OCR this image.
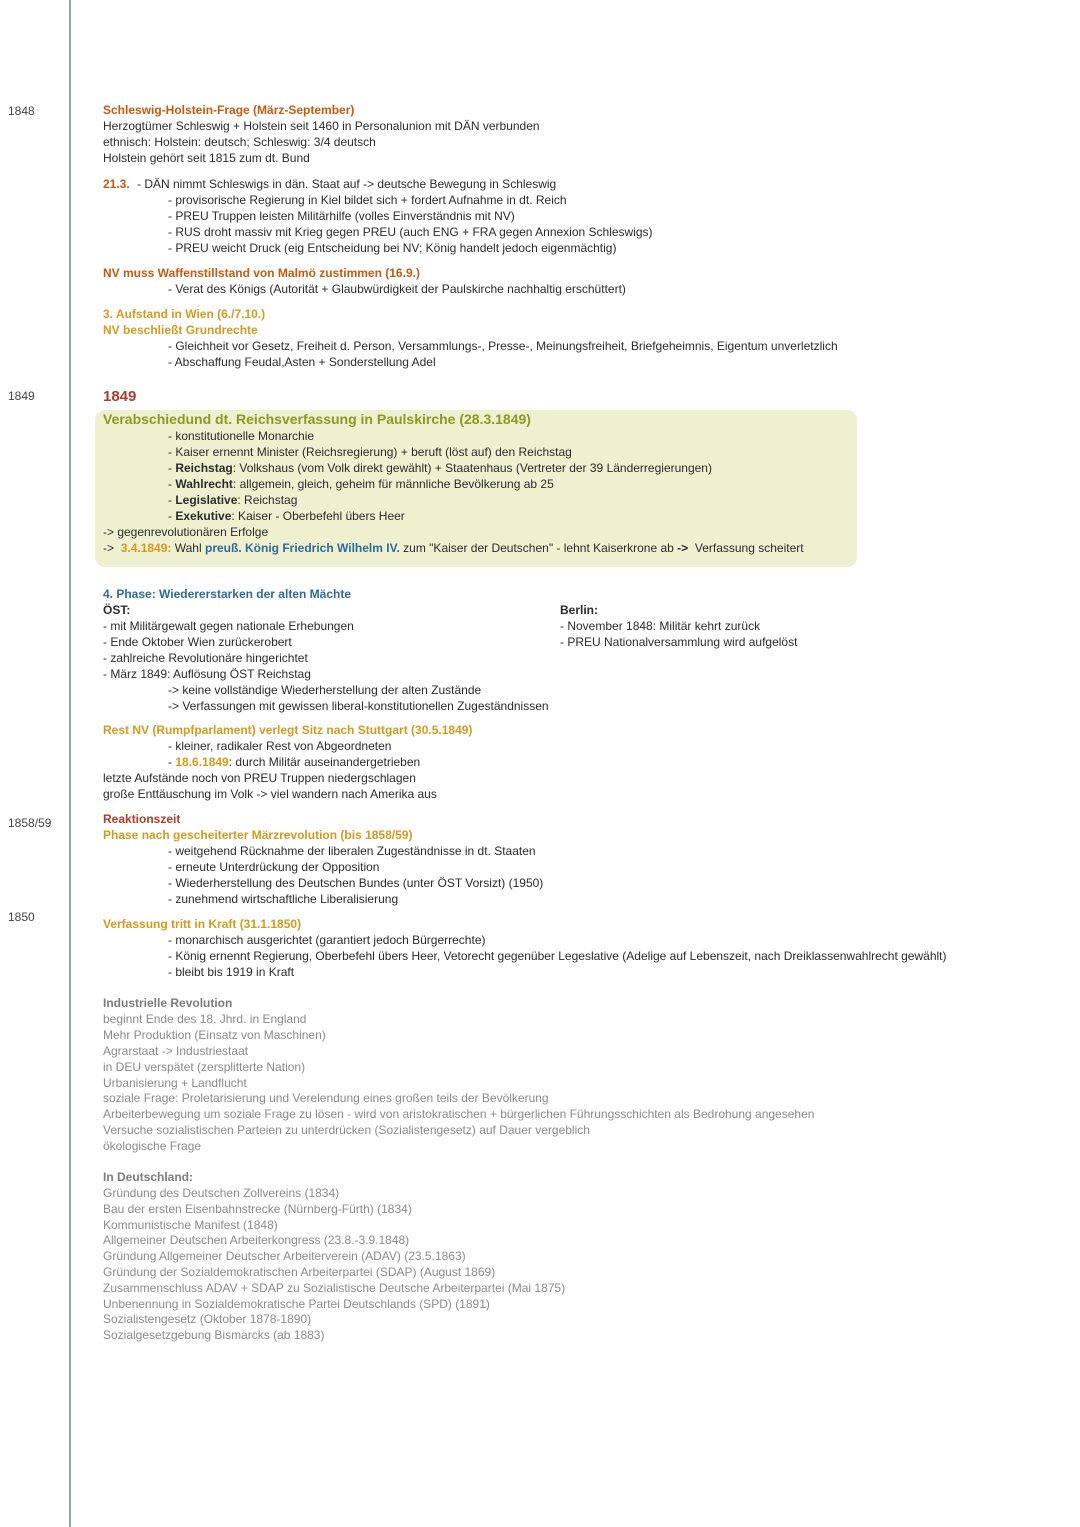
1848
1849
1858/59
1850
Schleswig-Holstein-Frage (März-September)
Herzogtümer Schleswig + Holstein seit 1460 in Personalunion mit DÄN verbunden
ethnisch: Holstein: deutsch; Schleswig: 3/4 deutsch
Holstein gehört seit 1815 zum dt. Bund
21.3. - DÄN nimmt Schleswigs in dän. Staat auf -> deutsche Bewegung in Schleswig
- provisorische Regierung in Kiel bildet sich + fordert Aufnahme in dt. Reich
- PREU Truppen leisten Militärhilfe (volles Einverständnis mit NV)
- RUS droht massiv mit Krieg gegen PREU (auch ENG + FRA gegen Annexion Schleswigs)
- PREU weicht Druck (eig Entscheidung bei NV; König handelt jedoch eigenmächtig)
NV muss Waffenstillstand von Malmö zustimmen (16.9.)
- Verat des Königs (Autorität + Glaubwürdigkeit der Paulskirche nachhaltig erschüttert)
3. Aufstand in Wien (6./7.10.)
NV beschließt Grundrechte
- Gleichheit vor Gesetz, Freiheit d. Person, Versammlungs-, Presse-, Meinungsfreiheit, Briefgeheimnis, Eigentum unverletzlich
- Abschaffung Feudal,Asten + Sonderstellung Adel
1849
Verabschiedund dt. Reichsverfassung in Paulskirche (28.3.1849)
- konstitutionelle Monarchie
- Kaiser ernennt Minister (Reichsregierung) + beruft (löst auf) den Reichstag
- Reichstag: Volkshaus (vom Volk direkt gewählt) + Staatenhaus (Vertreter der 39 Länderregierungen)
- Wahlrecht: allgemein, gleich, geheim für männliche Bevölkerung ab 25
- Legislative: Reichstag
- Exekutive: Kaiser - Oberbefehl übers Heer
-> gegenrevolutionären Erfolge
-> 3.4.1849: Wahl preuß. König Friedrich Wilhelm IV. zum "Kaiser der Deutschen" - lehnt Kaiserkrone ab -> Verfassung scheitert
4. Phase: Wiedererstarken der alten Mächte
ÖST:
- mit Militärgewalt gegen nationale Erhebungen
- Ende Oktober Wien zurückerobert
- zahlreiche Revolutionäre hingerichtet
- März 1849: Auflösung ÖST Reichstag
-> keine vollständige Wiederherstellung der alten Zustände
-> Verfassungen mit gewissen liberal-konstitutionellen Zugeständnissen
Berlin:
- November 1848: Militär kehrt zurück
- PREU Nationalversammlung wird aufgelöst
Rest NV (Rumpfparlament) verlegt Sitz nach Stuttgart (30.5.1849)
- kleiner, radikaler Rest von Abgeordneten
- 18.6.1849: durch Militär auseinandergetrieben
letzte Aufstände noch von PREU Truppen niedergschlagen
große Enttäuschung im Volk -> viel wandern nach Amerika aus
Reaktionszeit
Phase nach gescheiterter Märzrevolution (bis 1858/59)
- weitgehend Rücknahme der liberalen Zugeständnisse in dt. Staaten
- erneute Unterdrückung der Opposition
- Wiederherstellung des Deutschen Bundes (unter ÖST Vorsizt) (1950)
- zunehmend wirtschaftliche Liberalisierung
Verfassung tritt in Kraft (31.1.1850)
- monarchisch ausgerichtet (garantiert jedoch Bürgerrechte)
- König ernennt Regierung, Oberbefehl übers Heer, Vetorecht gegenüber Legeslative (Adelige auf Lebenszeit, nach Dreiklassenwahlrecht gewählt)
- bleibt bis 1919 in Kraft
Industrielle Revolution
beginnt Ende des 18. Jhrd. in England
Mehr Produktion (Einsatz von Maschinen)
Agrarstaat -> Industriestaat
in DEU verspätet (zersplitterte Nation)
Urbanisierung + Landflucht
soziale Frage: Proletarisierung und Verelendung eines großen teils der Bevölkerung
Arbeiterbewegung um soziale Frage zu lösen - wird von aristokratischen + bürgerlichen Führungsschichten als Bedrohung angesehen
Versuche sozialistischen Parteien zu unterdrücken (Sozialistengesetz) auf Dauer vergeblich
ökologische Frage
In Deutschland:
Gründung des Deutschen Zollvereins (1834)
Bau der ersten Eisenbahnstrecke (Nürnberg-Fürth) (1834)
Kommunistische Manifest (1848)
Allgemeiner Deutschen Arbeiterkongress (23.8.-3.9.1848)
Gründung Allgemeiner Deutscher Arbeiterverein (ADAV) (23.5.1863)
Gründung der Sozialdemokratischen Arbeiterpartei (SDAP) (August 1869)
Zusammenschluss ADAV + SDAP zu Sozialistische Deutsche Arbeiterpartei (Mai 1875)
Unbenennung in Sozialdemokratische Partei Deutschlands (SPD) (1891)
Sozialistengesetz (Oktober 1878-1890)
Sozialgesetzgebung Bismarcks (ab 1883)
